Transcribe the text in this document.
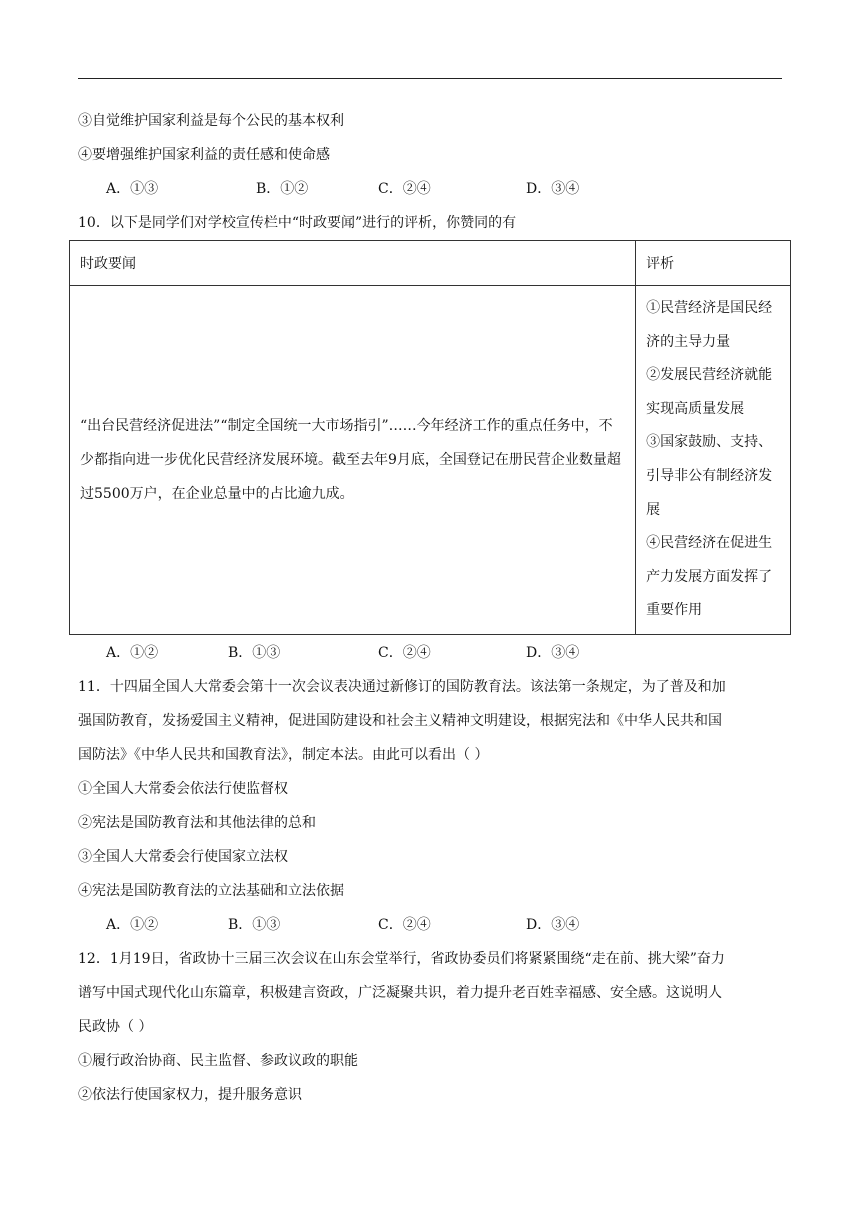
③自觉维护国家利益是每个公民的基本权利
④要增强维护国家利益的责任感和使命感
A．①③	B．①②	C．②④	D．③④
10．以下是同学们对学校宣传栏中“时政要闻”进行的评析，你赞同的有
时政要闻	评析

“出台民营经济促进法”“制定全国统一大市场指引”……今年经济工作的重点任务中，不少都指向进一步优化民营经济发展环境。截至去年9月底，全国登记在册民营企业数量超过5500万户，在企业总量中的占比逾九成。	①民营经济是国民经济的主导力量
②发展民营经济就能实现高质量发展
③国家鼓励、支持、引导非公有制经济发展
④民营经济在促进生产力发展方面发挥了重要作用
A．①②	B．①③	C．②④	D．③④
11．十四届全国人大常委会第十一次会议表决通过新修订的国防教育法。该法第一条规定，为了普及和加
强国防教育，发扬爱国主义精神，促进国防建设和社会主义精神文明建设，根据宪法和《中华人民共和国
国防法》《中华人民共和国教育法》，制定本法。由此可以看出（ ）
①全国人大常委会依法行使监督权
②宪法是国防教育法和其他法律的总和
③全国人大常委会行使国家立法权
④宪法是国防教育法的立法基础和立法依据
A．①②	B．①③	C．②④	D．③④
12．1月19日，省政协十三届三次会议在山东会堂举行，省政协委员们将紧紧围绕“走在前、挑大梁”奋力
谱写中国式现代化山东篇章，积极建言资政，广泛凝聚共识，着力提升老百姓幸福感、安全感。这说明人
民政协（ ）
①履行政治协商、民主监督、参政议政的职能
②依法行使国家权力，提升服务意识
